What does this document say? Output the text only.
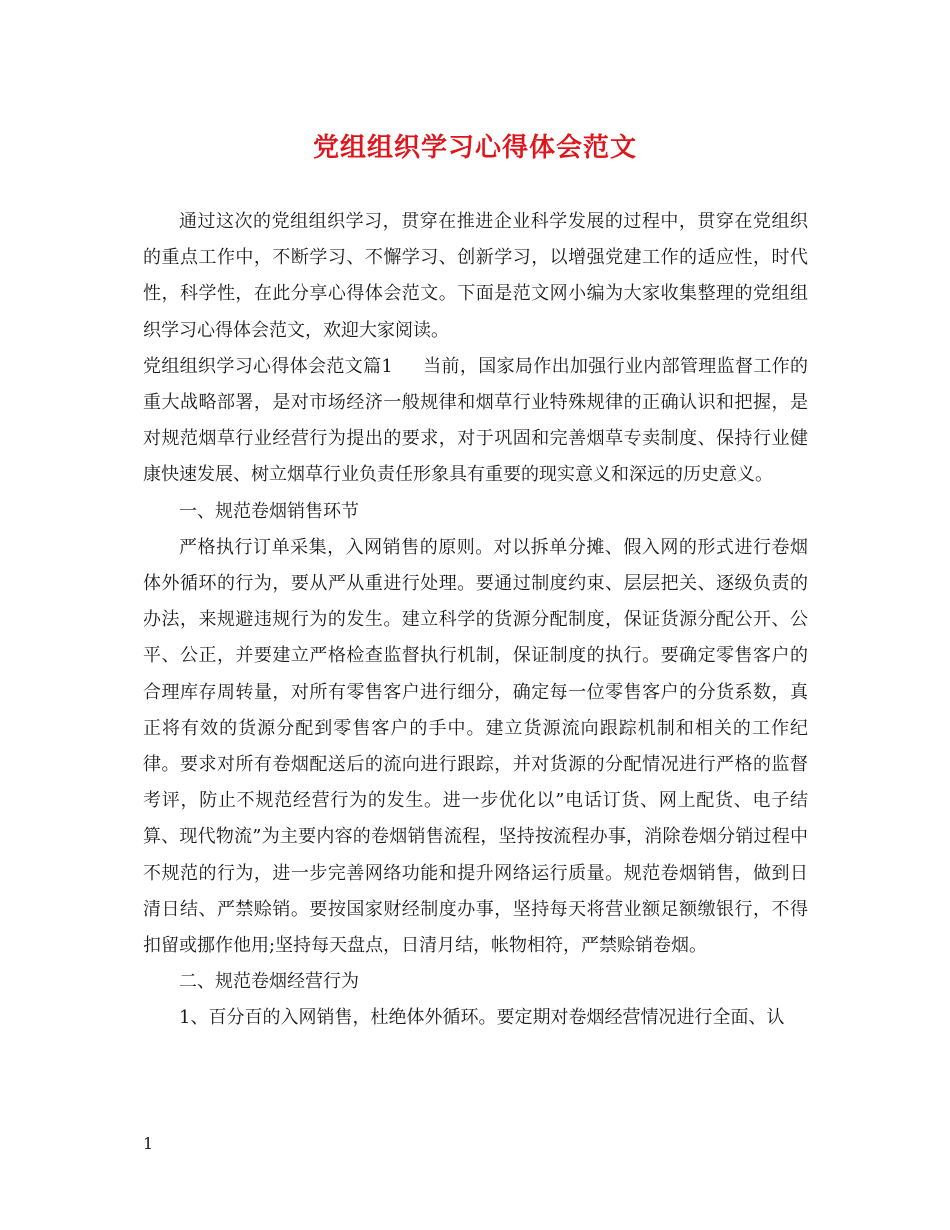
党组组织学习心得体会范文

通过这次的党组组织学习，贯穿在推进企业科学发展的过程中，贯穿在党组织的重点工作中，不断学习、不懈学习、创新学习，以增强党建工作的适应性，时代性，科学性，在此分享心得体会范文。下面是范文网小编为大家收集整理的党组组织学习心得体会范文，欢迎大家阅读。

党组组织学习心得体会范文篇1 当前，国家局作出加强行业内部管理监督工作的重大战略部署，是对市场经济一般规律和烟草行业特殊规律的正确认识和把握，是对规范烟草行业经营行为提出的要求，对于巩固和完善烟草专卖制度、保持行业健康快速发展、树立烟草行业负责任形象具有重要的现实意义和深远的历史意义。

一、规范卷烟销售环节

严格执行订单采集，入网销售的原则。对以拆单分摊、假入网的形式进行卷烟体外循环的行为，要从严从重进行处理。要通过制度约束、层层把关、逐级负责的办法，来规避违规行为的发生。建立科学的货源分配制度，保证货源分配公开、公平、公正，并要建立严格检查监督执行机制，保证制度的执行。要确定零售客户的合理库存周转量，对所有零售客户进行细分，确定每一位零售客户的分货系数，真正将有效的货源分配到零售客户的手中。建立货源流向跟踪机制和相关的工作纪律。要求对所有卷烟配送后的流向进行跟踪，并对货源的分配情况进行严格的监督考评，防止不规范经营行为的发生。进一步优化以”电话订货、网上配货、电子结算、现代物流”为主要内容的卷烟销售流程，坚持按流程办事，消除卷烟分销过程中不规范的行为，进一步完善网络功能和提升网络运行质量。规范卷烟销售，做到日清日结、严禁赊销。要按国家财经制度办事，坚持每天将营业额足额缴银行，不得扣留或挪作他用;坚持每天盘点，日清月结，帐物相符，严禁赊销卷烟。

二、规范卷烟经营行为

1、百分百的入网销售，杜绝体外循环。要定期对卷烟经营情况进行全面、认

1
